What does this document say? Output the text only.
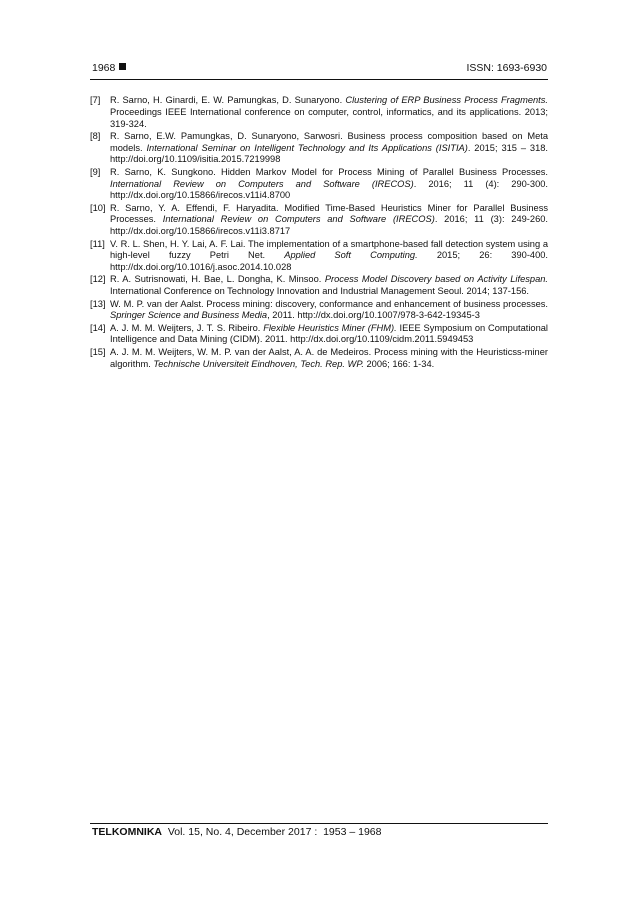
1968	ISSN: 1693-6930
[7] R. Sarno, H. Ginardi, E. W. Pamungkas, D. Sunaryono. Clustering of ERP Business Process Fragments. Proceedings IEEE International conference on computer, control, informatics, and its applications. 2013; 319-324.
[8] R. Sarno, E.W. Pamungkas, D. Sunaryono, Sarwosri. Business process composition based on Meta models. International Seminar on Intelligent Technology and Its Applications (ISITIA). 2015; 315 – 318. http://doi.org/10.1109/isitia.2015.7219998
[9] R. Sarno, K. Sungkono. Hidden Markov Model for Process Mining of Parallel Business Processes. International Review on Computers and Software (IRECOS). 2016; 11 (4): 290-300. http://dx.doi.org/10.15866/irecos.v11i4.8700
[10] R. Sarno, Y. A. Effendi, F. Haryadita. Modified Time-Based Heuristics Miner for Parallel Business Processes. International Review on Computers and Software (IRECOS). 2016; 11 (3): 249-260. http://dx.doi.org/10.15866/irecos.v11i3.8717
[11] V. R. L. Shen, H. Y. Lai, A. F. Lai. The implementation of a smartphone-based fall detection system using a high-level fuzzy Petri Net. Applied Soft Computing. 2015; 26: 390-400. http://dx.doi.org/10.1016/j.asoc.2014.10.028
[12] R. A. Sutrisnowati, H. Bae, L. Dongha, K. Minsoo. Process Model Discovery based on Activity Lifespan. International Conference on Technology Innovation and Industrial Management Seoul. 2014; 137-156.
[13] W. M. P. van der Aalst. Process mining: discovery, conformance and enhancement of business processes. Springer Science and Business Media, 2011. http://dx.doi.org/10.1007/978-3-642-19345-3
[14] A. J. M. M. Weijters, J. T. S. Ribeiro. Flexible Heuristics Miner (FHM). IEEE Symposium on Computational Intelligence and Data Mining (CIDM). 2011. http://dx.doi.org/10.1109/cidm.2011.5949453
[15] A. J. M. M. Weijters, W. M. P. van der Aalst, A. A. de Medeiros. Process mining with the Heuristicss-miner algorithm. Technische Universiteit Eindhoven, Tech. Rep. WP. 2006; 166: 1-34.
TELKOMNIKA  Vol. 15, No. 4, December 2017 :  1953 – 1968
